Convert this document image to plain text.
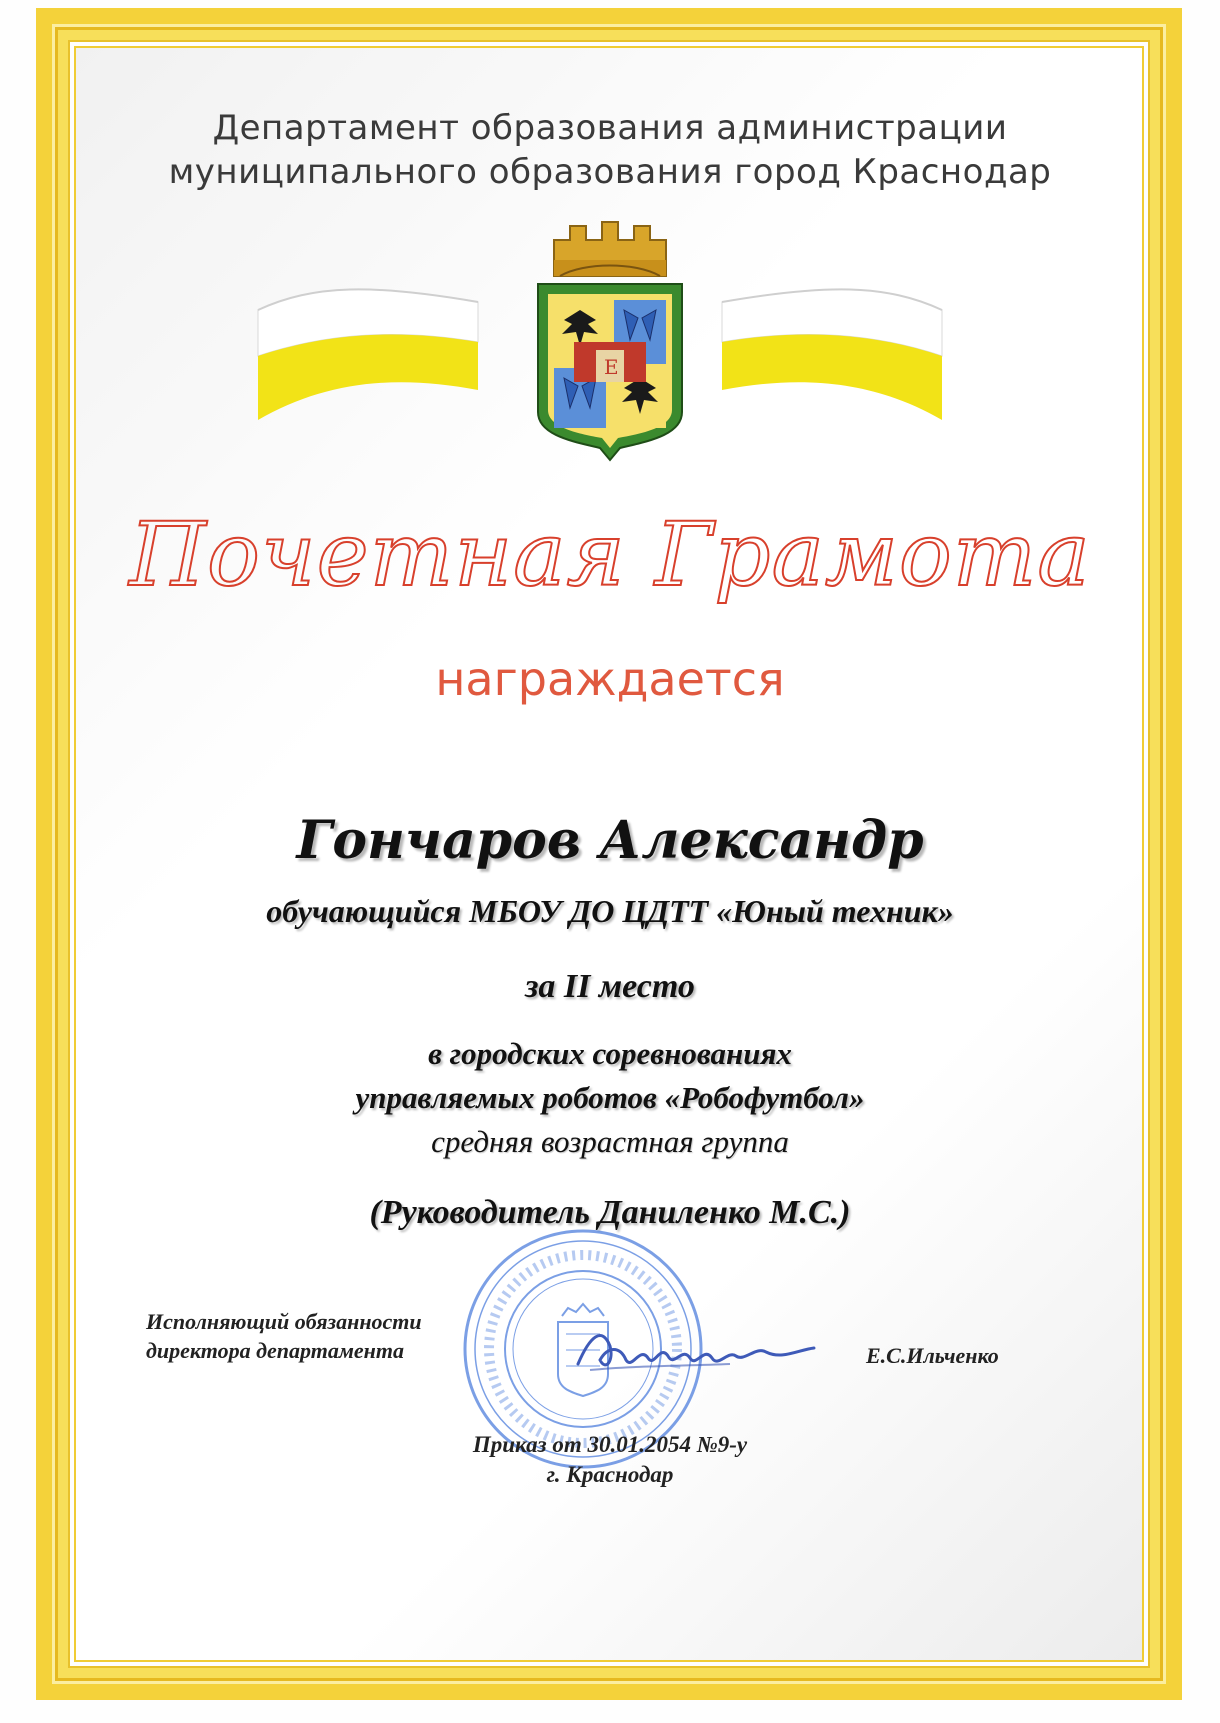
Департамент образования администрации
муниципального образования город Краснодар
Е
Почетная Грамота
награждается
Гончаров Александр
обучающийся МБОУ ДО ЦДТТ «Юный техник»
за II место
в городских соревнованиях
управляемых роботов «Робофутбол»
средняя возрастная группа
(Руководитель Даниленко М.С.)
Исполняющий обязанности
директора департамента	Е.С.Ильченко
Приказ от 30.01.2054 №9-у
г. Краснодар
